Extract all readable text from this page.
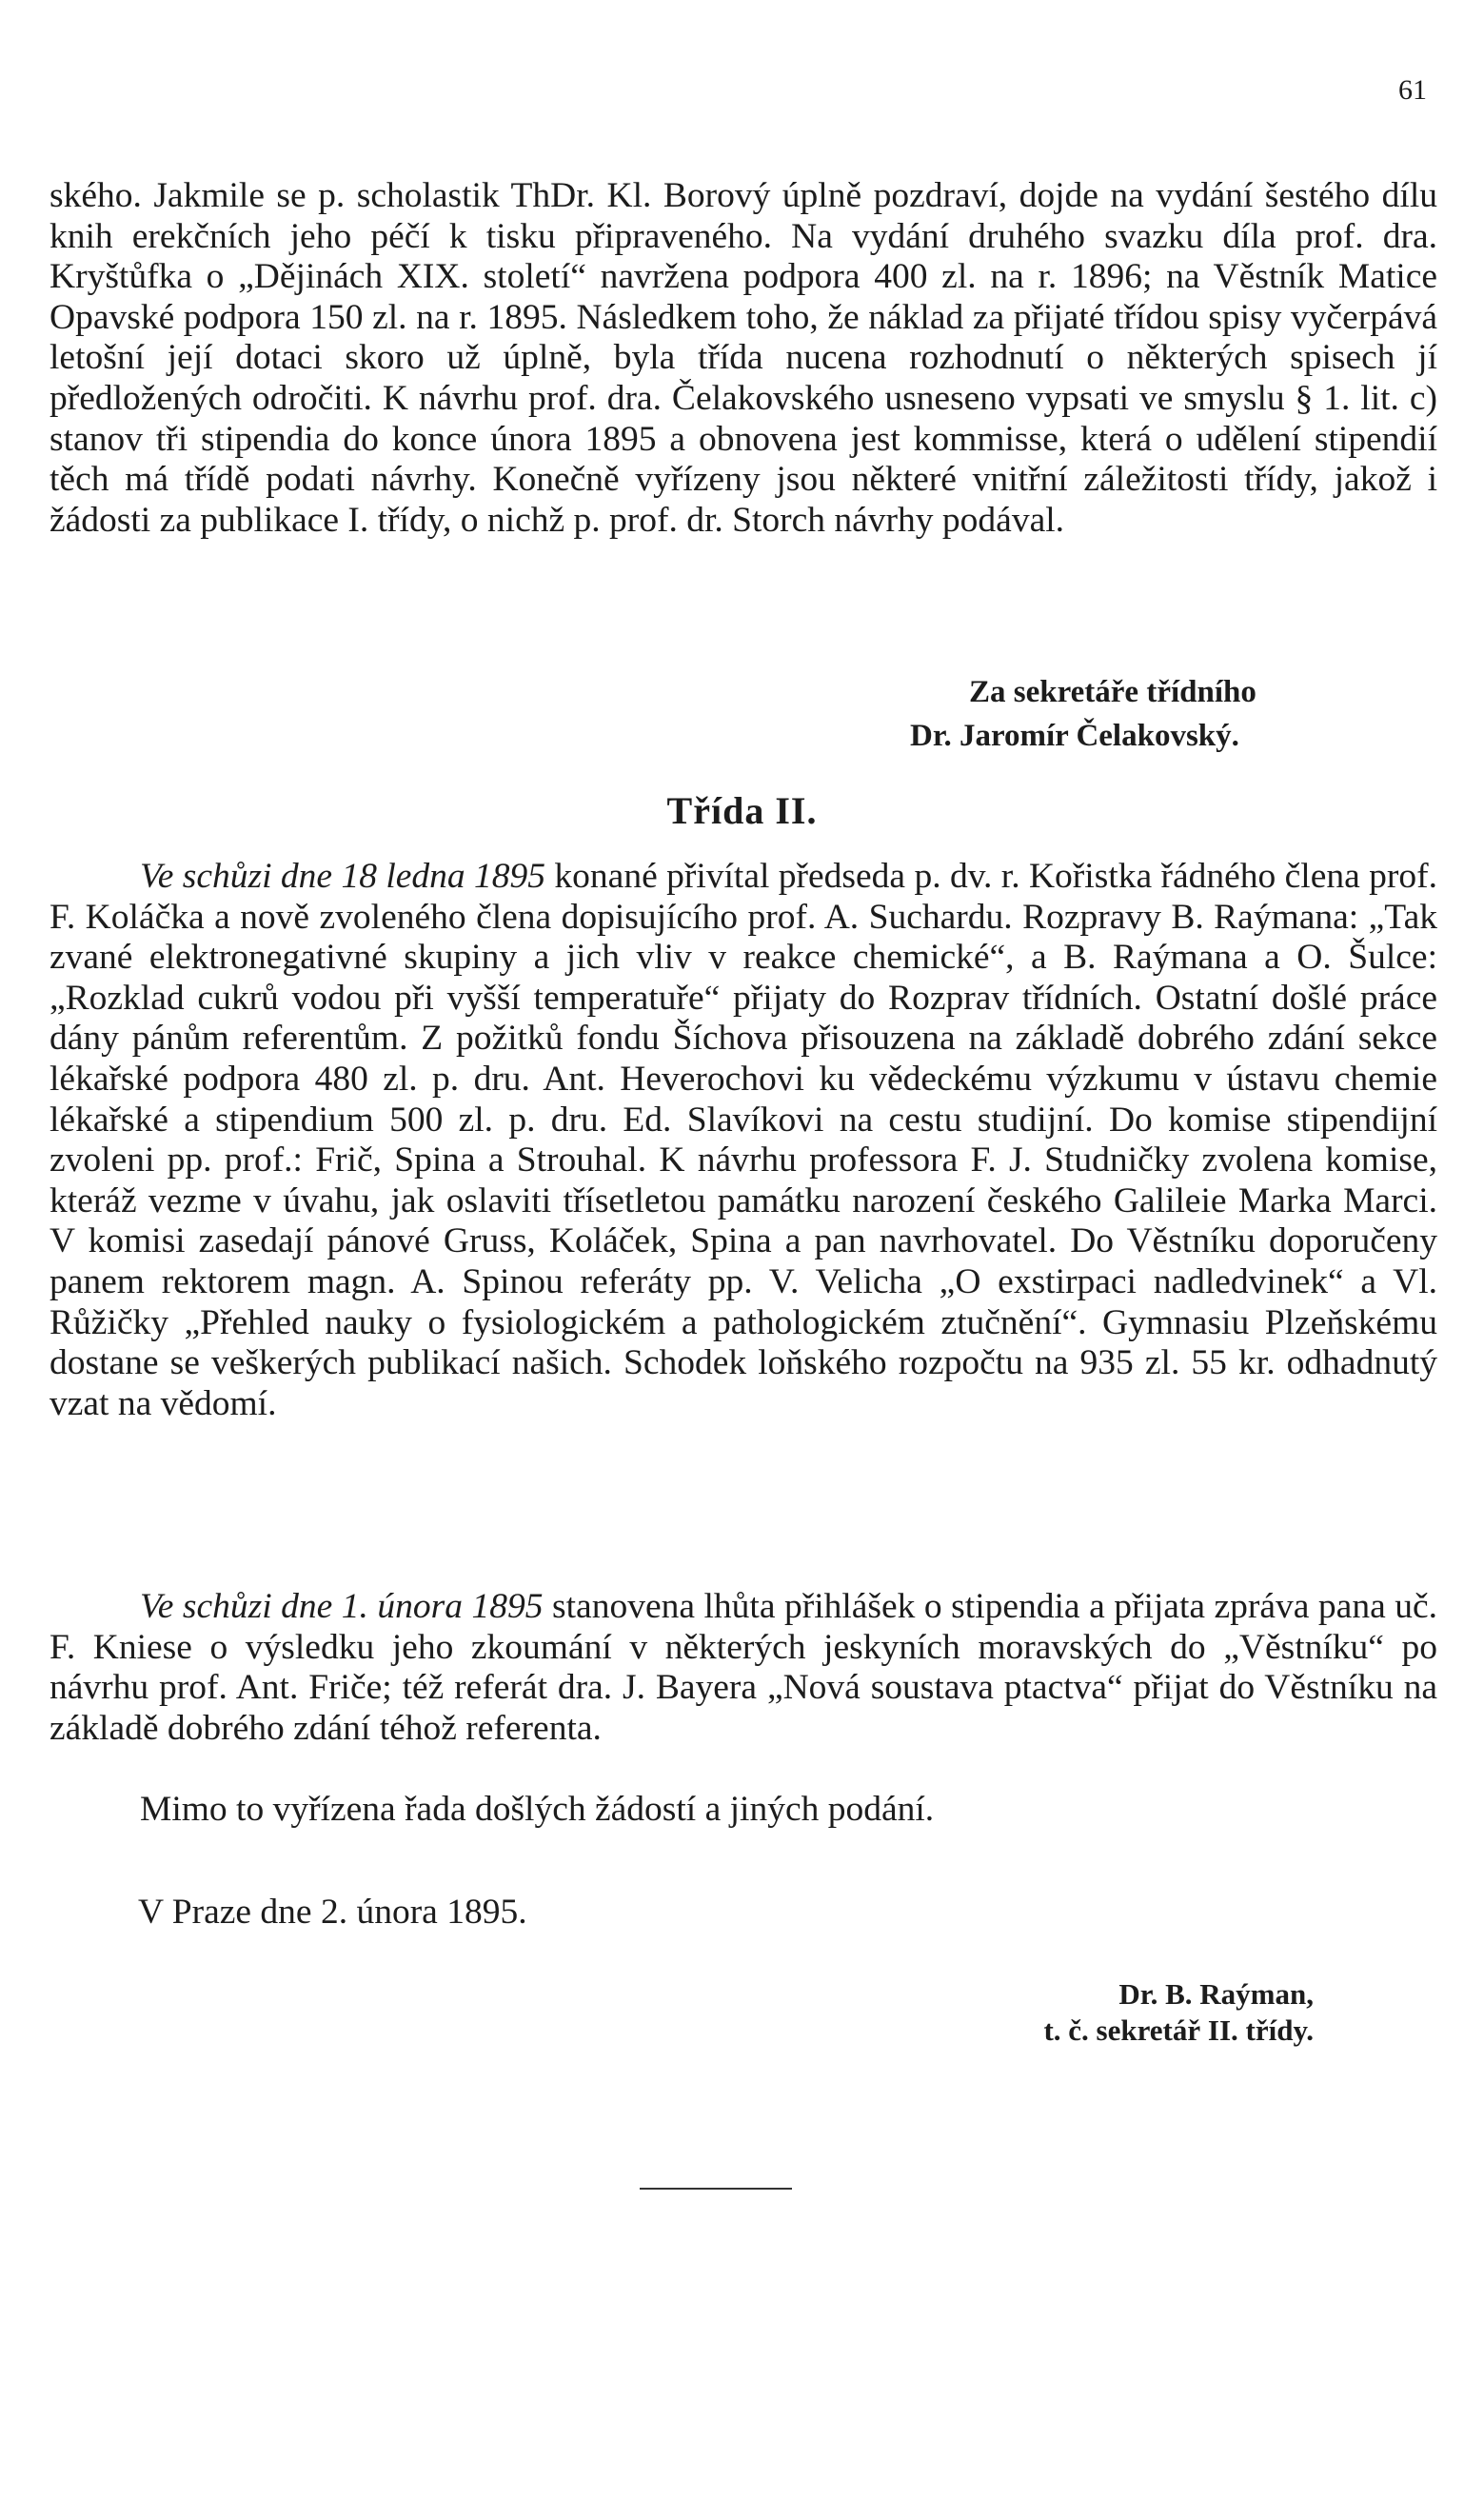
61

ského. Jakmile se p. scholastik ThDr. Kl. Borový úplně pozdraví, dojde na vydání šestého dílu knih erekčních jeho péčí k tisku připraveného. Na vydání druhého svazku díla prof. dra. Kryštůfka o „Dějinách XIX. století“ navržena podpora 400 zl. na r. 1896; na Věstník Matice Opavské podpora 150 zl. na r. 1895. Následkem toho, že náklad za přijaté třídou spisy vyčerpává letošní její dotaci skoro už úplně, byla třída nucena rozhodnutí o některých spisech jí předložených odročiti. K návrhu prof. dra. Čelakovského usneseno vypsati ve smyslu § 1. lit. c) stanov tři stipendia do konce února 1895 a obnovena jest kommisse, která o udělení stipendií těch má třídě podati návrhy. Konečně vyřízeny jsou některé vnitřní záležitosti třídy, jakož i žádosti za publikace I. třídy, o nichž p. prof. dr. Storch návrhy podával.

Za sekretáře třídního
Dr. Jaromír Čelakovský.
Třída II.

Ve schůzi dne 18 ledna 1895 konané přivítal předseda p. dv. r. Kořistka řádného člena prof. F. Koláčka a nově zvoleného člena dopisujícího prof. A. Suchardu. Rozpravy B. Raýmana: „Tak zvané elektronegativné skupiny a jich vliv v reakce chemické“, a B. Raýmana a O. Šulce: „Rozklad cukrů vodou při vyšší temperatuře“ přijaty do Rozprav třídních. Ostatní došlé práce dány pánům referentům. Z požitků fondu Šíchova přisouzena na základě dobrého zdání sekce lékařské podpora 480 zl. p. dru. Ant. Heverochovi ku vědeckému výzkumu v ústavu chemie lékařské a stipendium 500 zl. p. dru. Ed. Slavíkovi na cestu studijní. Do komise stipendijní zvoleni pp. prof.: Frič, Spina a Strouhal. K návrhu professora F. J. Studničky zvolena komise, kteráž vezme v úvahu, jak oslaviti třísetletou památku narození českého Galileie Marka Marci. V komisi zasedají pánové Gruss, Koláček, Spina a pan navrhovatel. Do Věstníku doporučeny panem rektorem magn. A. Spinou referáty pp. V. Velicha „O exstirpaci nadledvinek“ a Vl. Růžičky „Přehled nauky o fysiologickém a pathologickém ztučnění“. Gymnasiu Plzeňskému dostane se veškerých publikací našich. Schodek loňského rozpočtu na 935 zl. 55 kr. odhadnutý vzat na vědomí.

Ve schůzi dne 1. února 1895 stanovena lhůta přihlášek o stipendia a přijata zpráva pana uč. F. Kniese o výsledku jeho zkoumání v některých jeskyních moravských do „Věstníku“ po návrhu prof. Ant. Friče; též referát dra. J. Bayera „Nová soustava ptactva“ přijat do Věstníku na základě dobrého zdání téhož referenta.

Mimo to vyřízena řada došlých žádostí a jiných podání.

V Praze dne 2. února 1895.

Dr. B. Raýman,
t. č. sekretář II. třídy.
